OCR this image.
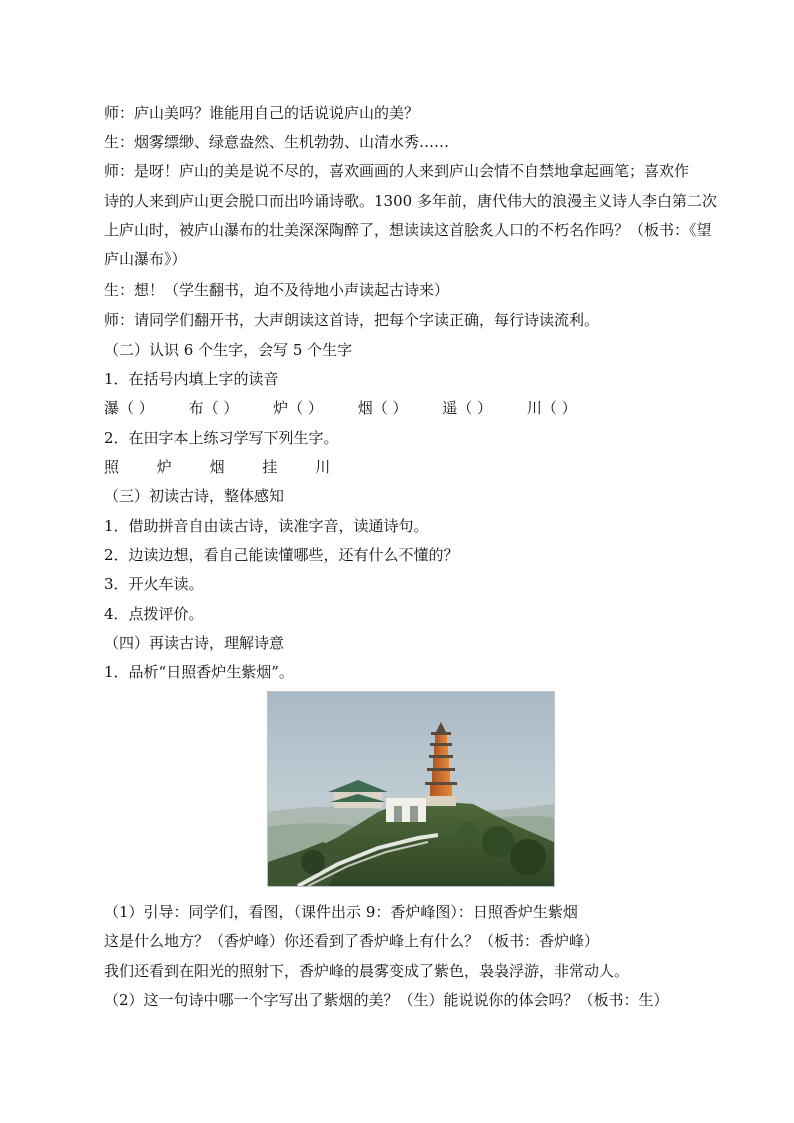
师：庐山美吗？谁能用自己的话说说庐山的美？
生：烟雾缥缈、绿意盎然、生机勃勃、山清水秀……
师：是呀！庐山的美是说不尽的，喜欢画画的人来到庐山会情不自禁地拿起画笔；喜欢作
诗的人来到庐山更会脱口而出吟诵诗歌。1300 多年前，唐代伟大的浪漫主义诗人李白第二次
上庐山时，被庐山瀑布的壮美深深陶醉了，想读读这首脍炙人口的不朽名作吗？（板书：《望
庐山瀑布》）
生：想！（学生翻书，迫不及待地小声读起古诗来）
师：请同学们翻开书，大声朗读这首诗，把每个字读正确，每行诗读流利。
（二）认识 6 个生字，会写 5 个生字
1．在括号内填上字的读音
瀑（ ） 布（ ） 炉（ ） 烟（ ） 遥（ ） 川（ ）
2．在田字本上练习学写下列生字。
照	炉	烟	挂	川
（三）初读古诗，整体感知
1．借助拼音自由读古诗，读准字音，读通诗句。
2．边读边想，看自己能读懂哪些，还有什么不懂的？
3．开火车读。
4．点拨评价。
（四）再读古诗，理解诗意
1．品析“日照香炉生紫烟”。
（1）引导：同学们，看图，（课件出示 9：香炉峰图）：日照香炉生紫烟
这是什么地方？（香炉峰）你还看到了香炉峰上有什么？（板书：香炉峰）
我们还看到在阳光的照射下，香炉峰的晨雾变成了紫色，袅袅浮游，非常动人。
（2）这一句诗中哪一个字写出了紫烟的美？（生）能说说你的体会吗？（板书：生）
